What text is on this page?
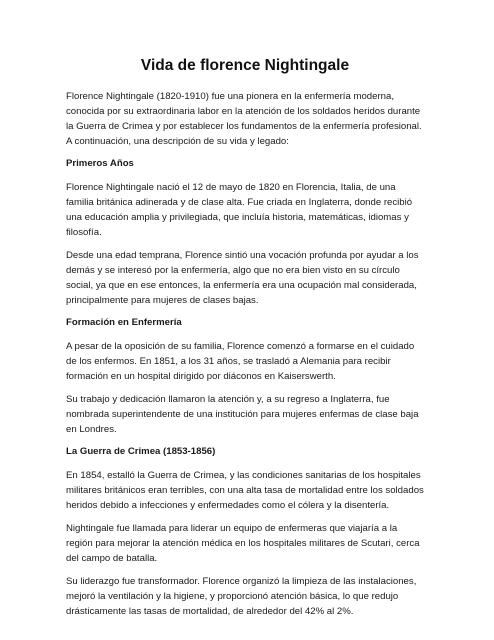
Vida de florence Nightingale

Florence Nightingale (1820-1910) fue una pionera en la enfermería moderna, conocida por su extraordinaria labor en la atención de los soldados heridos durante la Guerra de Crimea y por establecer los fundamentos de la enfermería profesional. A continuación, una descripción de su vida y legado:

Primeros Años

Florence Nightingale nació el 12 de mayo de 1820 en Florencia, Italia, de una familia británica adinerada y de clase alta. Fue criada en Inglaterra, donde recibió una educación amplia y privilegiada, que incluía historia, matemáticas, idiomas y filosofía.

Desde una edad temprana, Florence sintió una vocación profunda por ayudar a los demás y se interesó por la enfermería, algo que no era bien visto en su círculo social, ya que en ese entonces, la enfermería era una ocupación mal considerada, principalmente para mujeres de clases bajas.

Formación en Enfermería

A pesar de la oposición de su familia, Florence comenzó a formarse en el cuidado de los enfermos. En 1851, a los 31 años, se trasladó a Alemania para recibir formación en un hospital dirigido por diáconos en Kaiserswerth.

Su trabajo y dedicación llamaron la atención y, a su regreso a Inglaterra, fue nombrada superintendente de una institución para mujeres enfermas de clase baja en Londres.

La Guerra de Crimea (1853-1856)

En 1854, estalló la Guerra de Crimea, y las condiciones sanitarias de los hospitales militares británicos eran terribles, con una alta tasa de mortalidad entre los soldados heridos debido a infecciones y enfermedades como el cólera y la disentería.

Nightingale fue llamada para liderar un equipo de enfermeras que viajaría a la región para mejorar la atención médica en los hospitales militares de Scutari, cerca del campo de batalla.

Su liderazgo fue transformador. Florence organizó la limpieza de las instalaciones, mejoró la ventilación y la higiene, y proporcionó atención básica, lo que redujo drásticamente las tasas de mortalidad, de alrededor del 42% al 2%.
